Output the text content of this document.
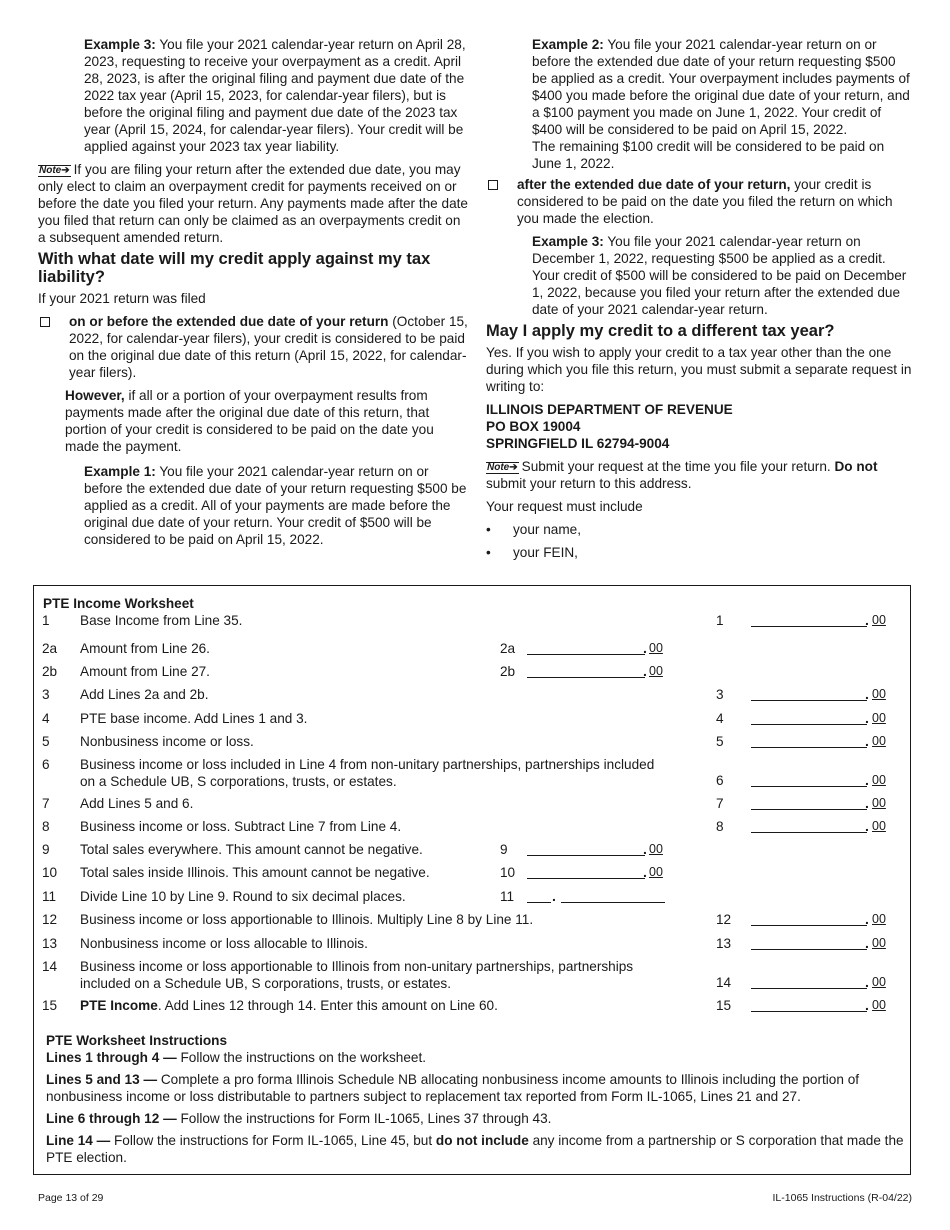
Example 3: You file your 2021 calendar-year return on April 28, 2023, requesting to receive your overpayment as a credit. April 28, 2023, is after the original filing and payment due date of the 2022 tax year (April 15, 2023, for calendar-year filers), but is before the original filing and payment due date of the 2023 tax year (April 15, 2024, for calendar-year filers). Your credit will be applied against your 2023 tax year liability.

Note➔ If you are filing your return after the extended due date, you may only elect to claim an overpayment credit for payments received on or before the date you filed your return. Any payments made after the date you filed that return can only be claimed as an overpayments credit on a subsequent amended return.

With what date will my credit apply against my tax liability?

If your 2021 return was filed

on or before the extended due date of your return (October 15, 2022, for calendar-year filers), your credit is considered to be paid on the original due date of this return (April 15, 2022, for calendar-year filers).

However, if all or a portion of your overpayment results from payments made after the original due date of this return, that portion of your credit is considered to be paid on the date you made the payment.

Example 1: You file your 2021 calendar-year return on or before the extended due date of your return requesting $500 be applied as a credit. All of your payments are made before the original due date of your return. Your credit of $500 will be considered to be paid on April 15, 2022.

Example 2: You file your 2021 calendar-year return on or before the extended due date of your return requesting $500 be applied as a credit. Your overpayment includes payments of $400 you made before the original due date of your return, and a $100 payment you made on June 1, 2022. Your credit of $400 will be considered to be paid on April 15, 2022.
The remaining $100 credit will be considered to be paid on June 1, 2022.

after the extended due date of your return, your credit is considered to be paid on the date you filed the return on which you made the election.

Example 3: You file your 2021 calendar-year return on December 1, 2022, requesting $500 be applied as a credit. Your credit of $500 will be considered to be paid on December 1, 2022, because you filed your return after the extended due date of your 2021 calendar-year return.

May I apply my credit to a different tax year?

Yes. If you wish to apply your credit to a tax year other than the one during which you file this return, you must submit a separate request in writing to:

ILLINOIS DEPARTMENT OF REVENUE
PO BOX 19004
SPRINGFIELD IL 62794-9004

Note➔ Submit your request at the time you file your return. Do not submit your return to this address.

Your request must include

•	your name,
•	your FEIN,
PTE Income Worksheet
1 Base Income from Line 35.	1	. 00
2a Amount from Line 26.	2a	. 00
2b Amount from Line 27.	2b	. 00
3 Add Lines 2a and 2b.	3	. 00
4 PTE base income. Add Lines 1 and 3.	4	. 00
5 Nonbusiness income or loss.	5	. 00
6 Business income or loss included in Line 4 from non-unitary partnerships, partnerships included on a Schedule UB, S corporations, trusts, or estates.	6	. 00
7 Add Lines 5 and 6.	7	. 00
8 Business income or loss. Subtract Line 7 from Line 4.	8	. 00
9 Total sales everywhere. This amount cannot be negative.	9	. 00
10 Total sales inside Illinois. This amount cannot be negative.	10	. 00
11 Divide Line 10 by Line 9. Round to six decimal places.	11	.
12 Business income or loss apportionable to Illinois. Multiply Line 8 by Line 11.	12	. 00
13 Nonbusiness income or loss allocable to Illinois.	13	. 00
14 Business income or loss apportionable to Illinois from non-unitary partnerships, partnerships included on a Schedule UB, S corporations, trusts, or estates.	14	. 00
15 PTE Income. Add Lines 12 through 14. Enter this amount on Line 60.	15	. 00
PTE Worksheet Instructions

Lines 1 through 4 — Follow the instructions on the worksheet.

Lines 5 and 13 — Complete a pro forma Illinois Schedule NB allocating nonbusiness income amounts to Illinois including the portion of nonbusiness income or loss distributable to partners subject to replacement tax reported from Form IL-1065, Lines 21 and 27.

Line 6 through 12 — Follow the instructions for Form IL-1065, Lines 37 through 43.

Line 14 — Follow the instructions for Form IL-1065, Line 45, but do not include any income from a partnership or S corporation that made the PTE election.

Page 13 of 29	IL-1065 Instructions (R-04/22)
